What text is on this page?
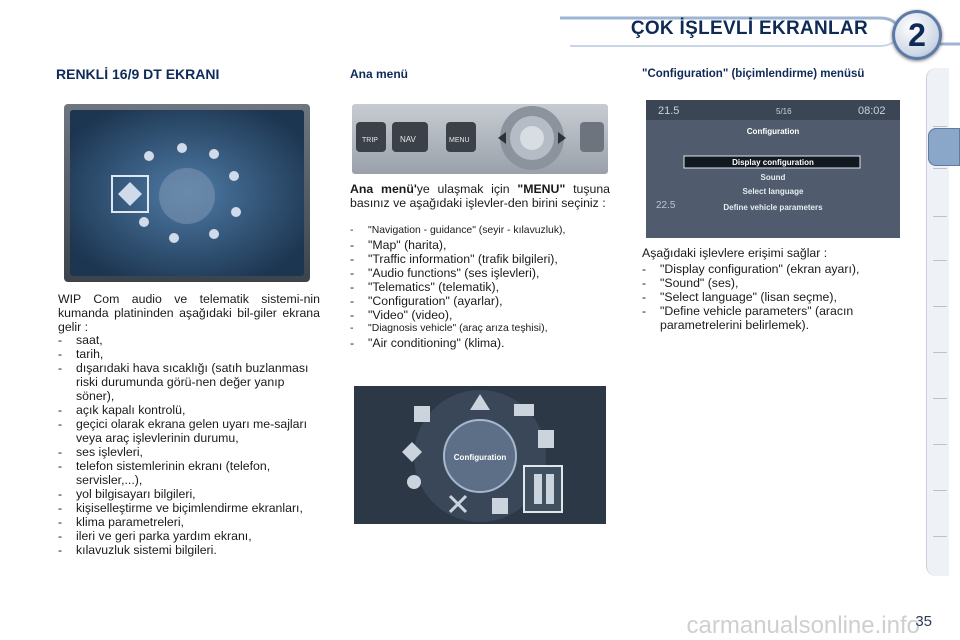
ÇOK İŞLEVLİ EKRANLAR	2
RENKLİ 16/9 DT EKRANI
WIP Com audio ve telematik sistemi-nin kumanda platininden aşağıdaki bil-giler ekrana gelir :
- saat,
- tarih,
- dışarıdaki hava sıcaklığı (satıh buzlanması riski durumunda görü-nen değer yanıp söner),
- açık kapalı kontrolü,
- geçici olarak ekrana gelen uyarı me-sajları veya araç işlevlerinin durumu,
- ses işlevleri,
- telefon sistemlerinin ekranı (telefon, servisler,...),
- yol bilgisayarı bilgileri,
- kişiselleştirme ve biçimlendirme ekranları,
- klima parametreleri,
- ileri ve geri parka yardım ekranı,
- kılavuzluk sistemi bilgileri.
Ana menü
TRIP	NAV	MENU
Ana menü'ye ulaşmak için "MENU" tuşuna basınız ve aşağıdaki işlevler-den birini seçiniz :
- "Navigation - guidance" (seyir - kılavuzluk),
- "Map" (harita),
- "Traffic information" (trafik bilgileri),
- "Audio functions" (ses işlevleri),
- "Telematics" (telematik),
- "Configuration" (ayarlar),
- "Video" (video),
- "Diagnosis vehicle" (araç arıza teşhisi),
- "Air conditioning" (klima).
Configuration
"Configuration" (biçimlendirme) menüsü
21.5	5/16	08:02
Configuration
Display configuration
Sound
Select language
Define vehicle parameters
22.5
Aşağıdaki işlevlere erişimi sağlar :
- "Display configuration" (ekran ayarı),
- "Sound" (ses),
- "Select language" (lisan seçme),
- "Define vehicle parameters" (aracın parametrelerini belirlemek).
carmanualsonline.info
35
